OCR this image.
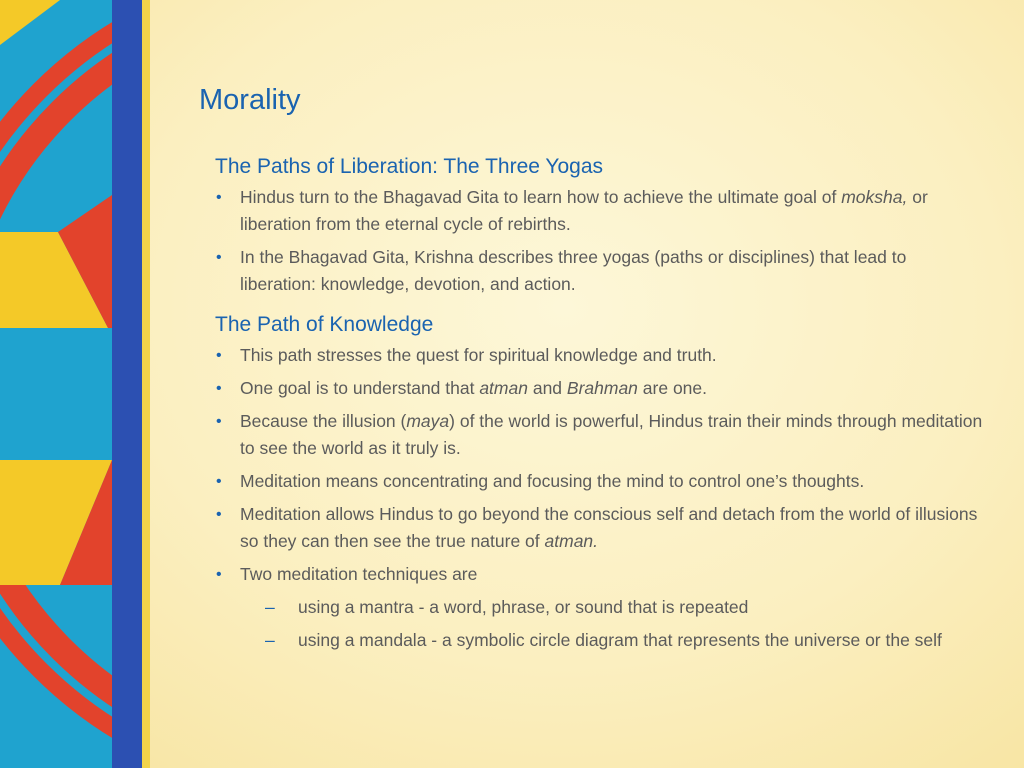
Morality
The Paths of Liberation: The Three Yogas
• Hindus turn to the Bhagavad Gita to learn how to achieve the ultimate goal of moksha, or liberation from the eternal cycle of rebirths.
• In the Bhagavad Gita, Krishna describes three yogas (paths or disciplines) that lead to liberation: knowledge, devotion, and action.
The Path of Knowledge
• This path stresses the quest for spiritual knowledge and truth.
• One goal is to understand that atman and Brahman are one.
• Because the illusion (maya) of the world is powerful, Hindus train their minds through meditation to see the world as it truly is.
• Meditation means concentrating and focusing the mind to control one’s thoughts.
• Meditation allows Hindus to go beyond the conscious self and detach from the world of illusions so they can then see the true nature of atman.
• Two meditation techniques are
– using a mantra - a word, phrase, or sound that is repeated
– using a mandala - a symbolic circle diagram that represents the universe or the self
